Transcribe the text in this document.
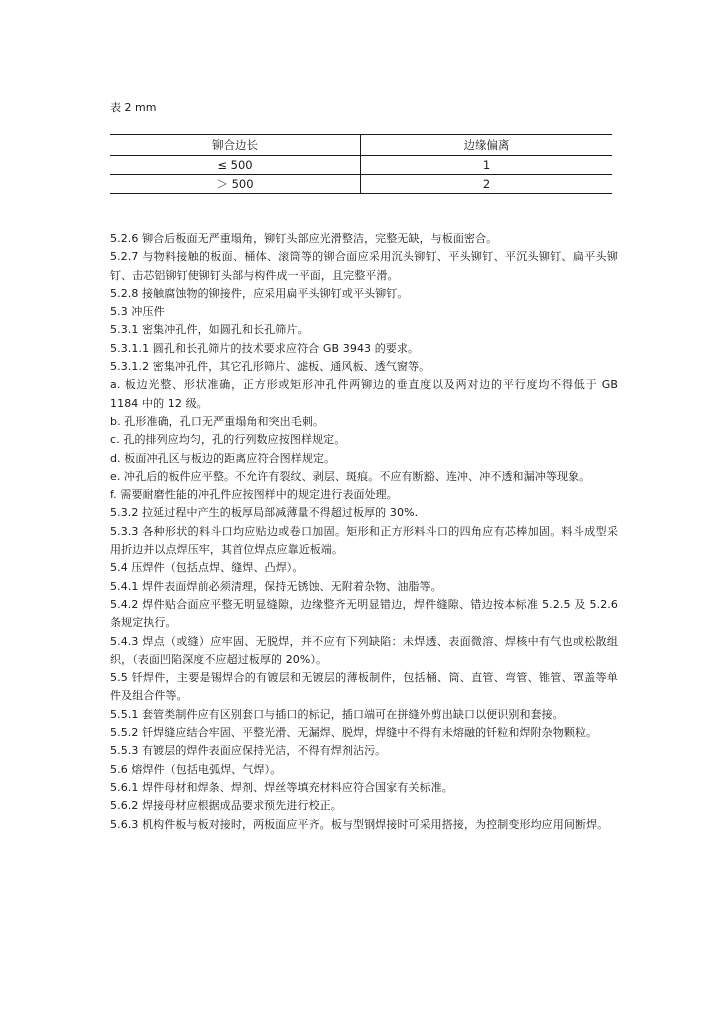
表 2 mm
铆合边长	边缘偏离
≤ 500	1
＞ 500	2

5.2.6 铆合后板面无严重塌角，铆钉头部应光滑整洁，完整无缺，与板面密合。

5.2.7 与物料接触的板面、桶体、滚筒等的铆合面应采用沉头铆钉、平头铆钉、平沉头铆钉、扁平头铆钉、击芯铝铆钉使铆钉头部与构件成一平面，且完整平滑。

5.2.8 接触腐蚀物的铆接件，应采用扁平头铆钉或平头铆钉。

5.3 冲压件

5.3.1 密集冲孔件，如圆孔和长孔筛片。

5.3.1.1 圆孔和长孔筛片的技术要求应符合 GB 3943 的要求。

5.3.1.2 密集冲孔件，其它孔形筛片、滤板、通风板、透气窗等。

a. 板边光整、形状准确，正方形或矩形冲孔件两铆边的垂直度以及两对边的平行度均不得低于 GB 1184 中的 12 级。

b. 孔形准确，孔口无严重塌角和突出毛刺。

c. 孔的排列应均匀，孔的行列数应按图样规定。

d. 板面冲孔区与板边的距离应符合图样规定。

e. 冲孔后的板件应平整。不允许有裂纹、剥层、斑痕。不应有断豁、连冲、冲不透和漏冲等现象。

f. 需要耐磨性能的冲孔件应按图样中的规定进行表面处理。

5.3.2 拉延过程中产生的板厚局部减薄量不得超过板厚的 30%.

5.3.3 各种形状的料斗口均应贴边或卷口加固。矩形和正方形料斗口的四角应有芯棒加固。料斗成型采用折边并以点焊压牢，其首位焊点应靠近板端。

5.4 压焊件（包括点焊、缝焊、凸焊）。

5.4.1 焊件表面焊前必须清理，保持无锈蚀、无附着杂物、油脂等。

5.4.2 焊件贴合面应平整无明显缝隙，边缘整齐无明显错边，焊件缝隙、错边按本标准 5.2.5 及 5.2.6 条规定执行。

5.4.3 焊点（或缝）应牢固、无脱焊，并不应有下列缺陷：未焊透、表面微溶、焊核中有气也或松散组织，（表面凹陷深度不应超过板厚的 20%）。

5.5 钎焊件，主要是锡焊合的有镀层和无镀层的薄板制件，包括桶、筒、直管、弯管、锥管、罩盖等单件及组合件等。

5.5.1 套管类制件应有区别套口与插口的标记，插口端可在拼缝外剪出缺口以便识别和套接。

5.5.2 钎焊缝应结合牢固、平整光滑、无漏焊、脱焊，焊缝中不得有未熔融的钎粒和焊附杂物颗粒。

5.5.3 有镀层的焊件表面应保持光洁，不得有焊剂沾污。

5.6 熔焊件（包括电弧焊、气焊）。

5.6.1 焊件母材和焊条、焊剂、焊丝等填充材料应符合国家有关标准。

5.6.2 焊接母材应根据成品要求预先进行校正。

5.6.3 机构件板与板对接时，两板面应平齐。板与型钢焊接时可采用搭接，为控制变形均应用间断焊。
